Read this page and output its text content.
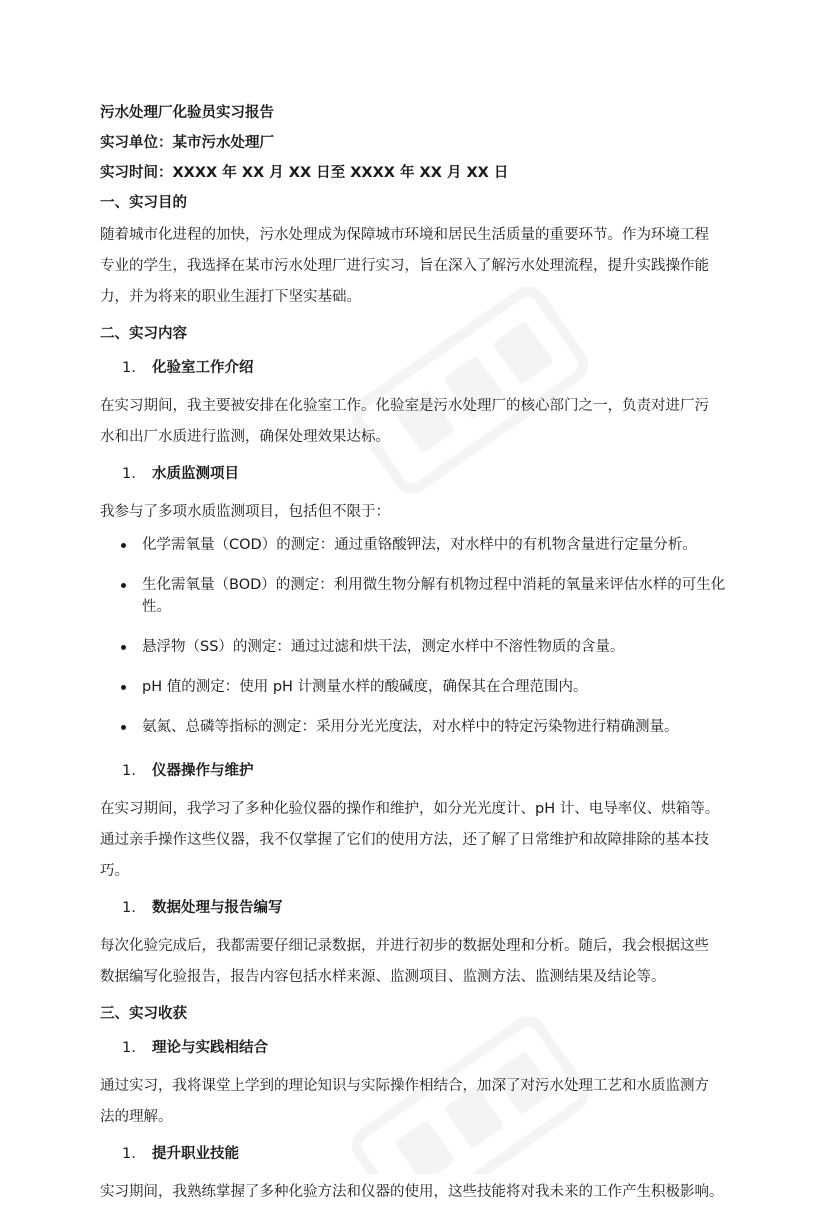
污水处理厂化验员实习报告
实习单位：某市污水处理厂
实习时间：XXXX 年 XX 月 XX 日至 XXXX 年 XX 月 XX 日
一、实习目的
随着城市化进程的加快，污水处理成为保障城市环境和居民生活质量的重要环节。作为环境工程
专业的学生，我选择在某市污水处理厂进行实习，旨在深入了解污水处理流程，提升实践操作能
力，并为将来的职业生涯打下坚实基础。
二、实习内容
1. 化验室工作介绍
在实习期间，我主要被安排在化验室工作。化验室是污水处理厂的核心部门之一，负责对进厂污
水和出厂水质进行监测，确保处理效果达标。
1. 水质监测项目
我参与了多项水质监测项目，包括但不限于：
化学需氧量（COD）的测定：通过重铬酸钾法，对水样中的有机物含量进行定量分析。
生化需氧量（BOD）的测定：利用微生物分解有机物过程中消耗的氧量来评估水样的可生化性。
悬浮物（SS）的测定：通过过滤和烘干法，测定水样中不溶性物质的含量。
pH 值的测定：使用 pH 计测量水样的酸碱度，确保其在合理范围内。
氨氮、总磷等指标的测定：采用分光光度法，对水样中的特定污染物进行精确测量。
1. 仪器操作与维护
在实习期间，我学习了多种化验仪器的操作和维护，如分光光度计、pH 计、电导率仪、烘箱等。
通过亲手操作这些仪器，我不仅掌握了它们的使用方法，还了解了日常维护和故障排除的基本技
巧。
1. 数据处理与报告编写
每次化验完成后，我都需要仔细记录数据，并进行初步的数据处理和分析。随后，我会根据这些
数据编写化验报告，报告内容包括水样来源、监测项目、监测方法、监测结果及结论等。
三、实习收获
1. 理论与实践相结合
通过实习，我将课堂上学到的理论知识与实际操作相结合，加深了对污水处理工艺和水质监测方
法的理解。
1. 提升职业技能
实习期间，我熟练掌握了多种化验方法和仪器的使用，这些技能将对我未来的工作产生积极影响。
